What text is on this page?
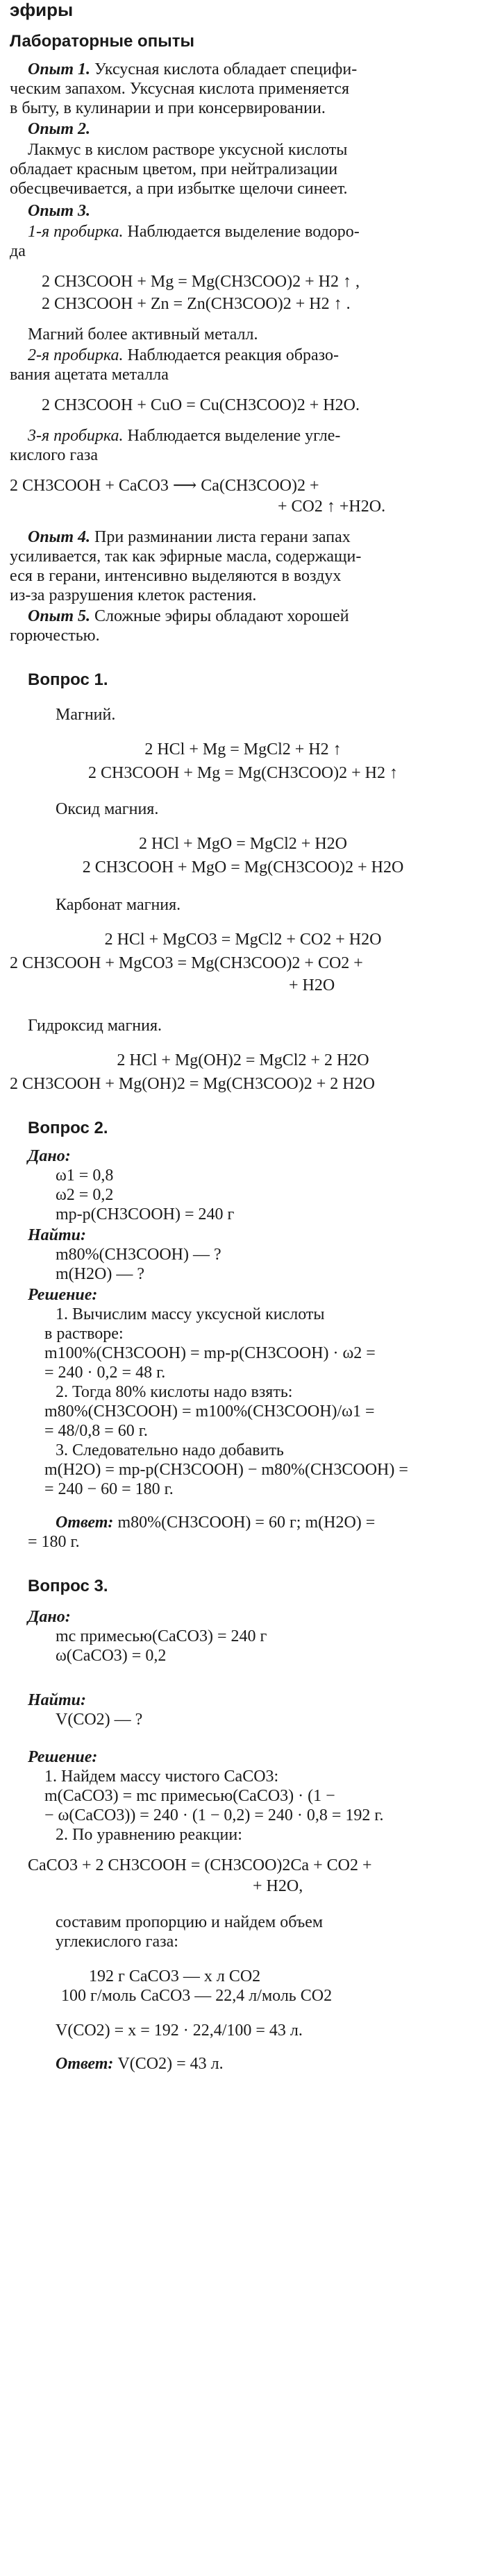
эфиры
Лабораторные опыты
Опыт 1. Уксусная кислота обладает специфи-
ческим запахом. Уксусная кислота применяется
в быту, в кулинарии и при консервировании.
Опыт 2.
Лакмус в кислом растворе уксусной кислоты
обладает красным цветом, при нейтрализации
обесцвечивается, а при избытке щелочи синеет.
Опыт 3.
1-я пробирка. Наблюдается выделение водоро-
да
2 CH3COOH + Mg = Mg(CH3COO)2 + H2 ↑ ,
2 CH3COOH + Zn = Zn(CH3COO)2 + H2 ↑ .
Магний более активный металл.
2-я пробирка. Наблюдается реакция образо-
вания ацетата металла
2 CH3COOH + CuO = Cu(CH3COO)2 + H2O.
3-я пробирка. Наблюдается выделение угле-
кислого газа
2 CH3COOH + CaCO3 ⟶ Ca(CH3COO)2 +
+ CO2 ↑ +H2O.
Опыт 4. При разминании листа герани запах
усиливается, так как эфирные масла, содержащи-
еся в герани, интенсивно выделяются в воздух
из-за разрушения клеток растения.
Опыт 5. Сложные эфиры обладают хорошей
горючестью.
Вопрос 1.
Магний.
2 HCl + Mg = MgCl2 + H2 ↑
2 CH3COOH + Mg = Mg(CH3COO)2 + H2 ↑
Оксид магния.
2 HCl + MgO = MgCl2 + H2O
2 CH3COOH + MgO = Mg(CH3COO)2 + H2O
Карбонат магния.
2 HCl + MgCO3 = MgCl2 + CO2 + H2O
2 CH3COOH + MgCO3 = Mg(CH3COO)2 + CO2 +
+ H2O
Гидроксид магния.
2 HCl + Mg(OH)2 = MgCl2 + 2 H2O
2 CH3COOH + Mg(OH)2 = Mg(CH3COO)2 + 2 H2O
Вопрос 2.
Дано:
ω1 = 0,8
ω2 = 0,2
mр-р(CH3COOH) = 240 г
Найти:
m80%(CH3COOH) — ?
m(H2O) — ?
Решение:
1. Вычислим массу уксусной кислоты
в растворе:
m100%(CH3COOH) = mр-р(CH3COOH) · ω2 =
= 240 · 0,2 = 48 г.
2. Тогда 80% кислоты надо взять:
m80%(CH3COOH) = m100%(CH3COOH)/ω1 =
= 48/0,8 = 60 г.
3. Следовательно надо добавить
m(H2O) = mр-р(CH3COOH) − m80%(CH3COOH) =
= 240 − 60 = 180 г.
Ответ: m80%(CH3COOH) = 60 г; m(H2O) =
= 180 г.
Вопрос 3.
Дано:
mс примесью(CaCO3) = 240 г
ω(CaCO3) = 0,2
Найти:
V(CO2) — ?
Решение:
1. Найдем массу чистого CaCO3:
m(CaCO3) = mс примесью(CaCO3) · (1 −
− ω(CaCO3)) = 240 · (1 − 0,2) = 240 · 0,8 = 192 г.
2. По уравнению реакции:
CaCO3 + 2 CH3COOH = (CH3COO)2Ca + CO2 +
+ H2O,
составим пропорцию и найдем объем
углекислого газа:
192 г CaCO3 — x л CO2
100 г/моль CaCO3 — 22,4 л/моль CO2
V(CO2) = x = 192 · 22,4/100 = 43 л.
Ответ: V(CO2) = 43 л.
